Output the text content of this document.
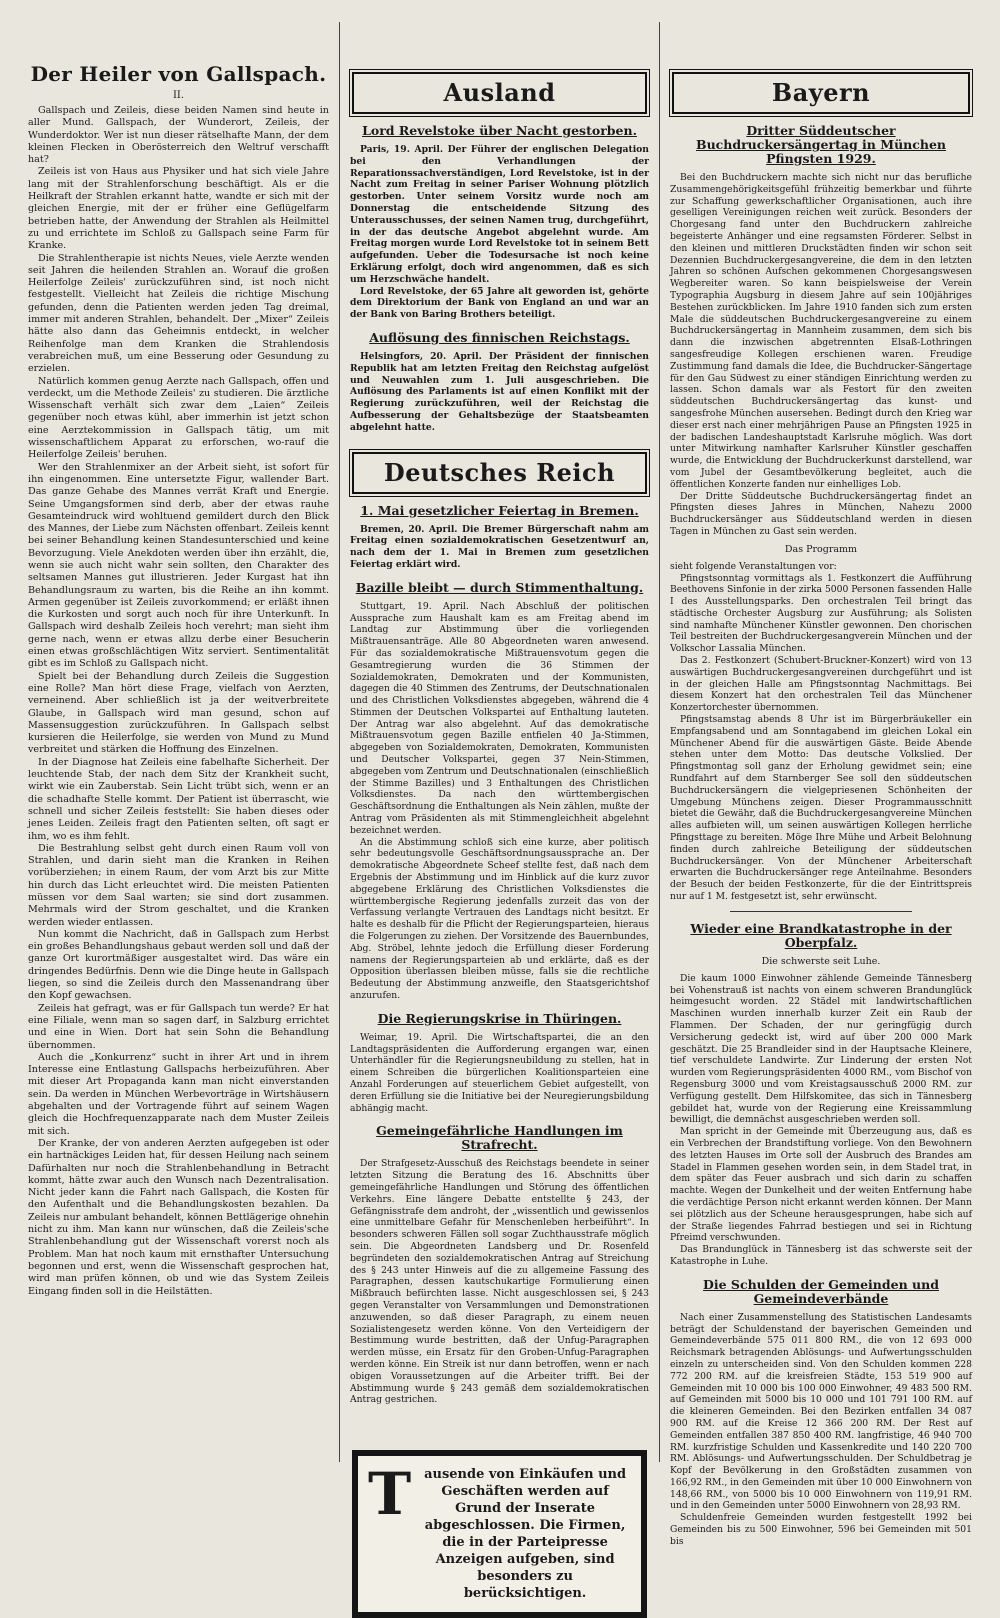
Der Heiler von Gallspach.
II.

Gallspach und Zeileis, diese beiden Namen sind heute in aller Mund. Gallspach, der Wunderort, Zeileis, der Wunderdoktor. Wer ist nun dieser rätselhafte Mann, der dem kleinen Flecken in Oberösterreich den Weltruf verschafft hat?

Zeileis ist von Haus aus Physiker und hat sich viele Jahre lang mit der Strahlenforschung beschäftigt. Als er die Heilkraft der Strahlen erkannt hatte, wandte er sich mit der gleichen Energie, mit der er früher eine Geflügelfarm betrieben hatte, der Anwendung der Strahlen als Heilmittel zu und errichtete im Schloß zu Gallspach seine Farm für Kranke.

Die Strahlentherapie ist nichts Neues, viele Aerzte wenden seit Jahren die heilenden Strahlen an. Worauf die großen Heilerfolge Zeileis' zurückzuführen sind, ist noch nicht festgestellt. Vielleicht hat Zeileis die richtige Mischung gefunden, denn die Patienten werden jeden Tag dreimal, immer mit anderen Strahlen, behandelt. Der „Mixer“ Zeileis hätte also dann das Geheimnis entdeckt, in welcher Reihenfolge man dem Kranken die Strahlendosis verabreichen muß, um eine Besserung oder Gesundung zu erzielen.

Natürlich kommen genug Aerzte nach Gallspach, offen und verdeckt, um die Methode Zeileis' zu studieren. Die ärztliche Wissenschaft verhält sich zwar dem „Laien“ Zeileis gegenüber noch etwas kühl, aber immerhin ist jetzt schon eine Aerztekommission in Gallspach tätig, um mit wissenschaftlichem Apparat zu erforschen, wo-rauf die Heilerfolge Zeileis' beruhen.

Wer den Strahlenmixer an der Arbeit sieht, ist sofort für ihn eingenommen. Eine untersetzte Figur, wallender Bart. Das ganze Gehabe des Mannes verrät Kraft und Energie. Seine Umgangsformen sind derb, aber der etwas rauhe Gesamteindruck wird wohltuend gemildert durch den Blick des Mannes, der Liebe zum Nächsten offenbart. Zeileis kennt bei seiner Behandlung keinen Standesunterschied und keine Bevorzugung. Viele Anekdoten werden über ihn erzählt, die, wenn sie auch nicht wahr sein sollten, den Charakter des seltsamen Mannes gut illustrieren. Jeder Kurgast hat ihn Behandlungsraum zu warten, bis die Reihe an ihn kommt. Armen gegenüber ist Zeileis zuvorkommend; er erläßt ihnen die Kurkosten und sorgt auch noch für ihre Unterkunft. In Gallspach wird deshalb Zeileis hoch verehrt; man sieht ihm gerne nach, wenn er etwas allzu derbe einer Besucherin einen etwas großschlächtigen Witz serviert. Sentimentalität gibt es im Schloß zu Gallspach nicht.

Spielt bei der Behandlung durch Zeileis die Suggestion eine Rolle? Man hört diese Frage, vielfach von Aerzten, verneinend. Aber schließlich ist ja der weitverbreitete Glaube, in Gallspach wird man gesund, schon auf Massensuggestion zurückzuführen. In Gallspach selbst kursieren die Heilerfolge, sie werden von Mund zu Mund verbreitet und stärken die Hoffnung des Einzelnen.

In der Diagnose hat Zeileis eine fabelhafte Sicherheit. Der leuchtende Stab, der nach dem Sitz der Krankheit sucht, wirkt wie ein Zauberstab. Sein Licht trübt sich, wenn er an die schadhafte Stelle kommt. Der Patient ist überrascht, wie schnell und sicher Zeileis feststellt: Sie haben dieses oder jenes Leiden. Zeileis fragt den Patienten selten, oft sagt er ihm, wo es ihm fehlt.

Die Bestrahlung selbst geht durch einen Raum voll von Strahlen, und darin sieht man die Kranken in Reihen vorüberziehen; in einem Raum, der vom Arzt bis zur Mitte hin durch das Licht erleuchtet wird. Die meisten Patienten müssen vor dem Saal warten; sie sind dort zusammen. Mehrmals wird der Strom geschaltet, und die Kranken werden wieder entlassen.

Nun kommt die Nachricht, daß in Gallspach zum Herbst ein großes Behandlungshaus gebaut werden soll und daß der ganze Ort kurortmäßiger ausgestaltet wird. Das wäre ein dringendes Bedürfnis. Denn wie die Dinge heute in Gallspach liegen, so sind die Zeileis durch den Massenandrang über den Kopf gewachsen.

Zeileis hat gefragt, was er für Gallspach tun werde? Er hat eine Filiale, wenn man so sagen darf, in Salzburg errichtet und eine in Wien. Dort hat sein Sohn die Behandlung übernommen.

Auch die „Konkurrenz“ sucht in ihrer Art und in ihrem Interesse eine Entlastung Gallspachs herbeizuführen. Aber mit dieser Art Propaganda kann man nicht einverstanden sein. Da werden in München Werbevorträge in Wirtshäusern abgehalten und der Vortragende führt auf seinem Wagen gleich die Hochfrequenzapparate nach dem Muster Zeileis mit sich.

Der Kranke, der von anderen Aerzten aufgegeben ist oder ein hartnäckiges Leiden hat, für dessen Heilung nach seinem Dafürhalten nur noch die Strahlenbehandlung in Betracht kommt, hätte zwar auch den Wunsch nach Dezentralisation. Nicht jeder kann die Fahrt nach Gallspach, die Kosten für den Aufenthalt und die Behandlungskosten bezahlen. Da Zeileis nur ambulant behandelt, können Bettlägerige ohnehin nicht zu ihm. Man kann nur wünschen, daß die Zeileis'sche Strahlenbehandlung gut der Wissenschaft vorerst noch als Problem. Man hat noch kaum mit ernsthafter Untersuchung begonnen und erst, wenn die Wissenschaft gesprochen hat, wird man prüfen können, ob und wie das System Zeileis Eingang finden soll in die Heilstätten.

Ausland
Lord Revelstoke über Nacht gestorben.

Paris, 19. April. Der Führer der englischen Delegation bei den Verhandlungen der Reparationssachverständigen, Lord Revelstoke, ist in der Nacht zum Freitag in seiner Pariser Wohnung plötzlich gestorben. Unter seinem Vorsitz wurde noch am Donnerstag die entscheidende Sitzung des Unterausschusses, der seinen Namen trug, durchgeführt, in der das deutsche Angebot abgelehnt wurde. Am Freitag morgen wurde Lord Revelstoke tot in seinem Bett aufgefunden. Ueber die Todesursache ist noch keine Erklärung erfolgt, doch wird angenommen, daß es sich um Herzschwäche handelt.

Lord Revelstoke, der 65 Jahre alt geworden ist, gehörte dem Direktorium der Bank von England an und war an der Bank von Baring Brothers beteiligt.

Auflösung des finnischen Reichstags.

Helsingfors, 20. April. Der Präsident der finnischen Republik hat am letzten Freitag den Reichstag aufgelöst und Neuwahlen zum 1. Juli ausgeschrieben. Die Auflösung des Parlaments ist auf einen Konflikt mit der Regierung zurückzuführen, weil der Reichstag die Aufbesserung der Gehaltsbezüge der Staatsbeamten abgelehnt hatte.

Deutsches Reich
1. Mai gesetzlicher Feiertag in Bremen.

Bremen, 20. April. Die Bremer Bürgerschaft nahm am Freitag einen sozialdemokratischen Gesetzentwurf an, nach dem der 1. Mai in Bremen zum gesetzlichen Feiertag erklärt wird.

Bazille bleibt — durch Stimmenthaltung.

Stuttgart, 19. April. Nach Abschluß der politischen Aussprache zum Haushalt kam es am Freitag abend im Landtag zur Abstimmung über die vorliegenden Mißtrauensanträge. Alle 80 Abgeordneten waren anwesend. Für das sozialdemokratische Mißtrauensvotum gegen die Gesamtregierung wurden die 36 Stimmen der Sozialdemokraten, Demokraten und der Kommunisten, dagegen die 40 Stimmen des Zentrums, der Deutschnationalen und des Christlichen Volksdienstes abgegeben, während die 4 Stimmen der Deutschen Volkspartei auf Enthaltung lauteten. Der Antrag war also abgelehnt. Auf das demokratische Mißtrauensvotum gegen Bazille entfielen 40 Ja-Stimmen, abgegeben von Sozialdemokraten, Demokraten, Kommunisten und Deutscher Volkspartei, gegen 37 Nein-Stimmen, abgegeben vom Zentrum und Deutschnationalen (einschließlich der Stimme Bazilles) und 3 Enthaltungen des Christlichen Volksdienstes. Da nach den württembergischen Geschäftsordnung die Enthaltungen als Nein zählen, mußte der Antrag vom Präsidenten als mit Stimmengleichheit abgelehnt bezeichnet werden.

An die Abstimmung schloß sich eine kurze, aber politisch sehr bedeutungsvolle Geschäftsordnungsaussprache an. Der demokratische Abgeordnete Scheef stellte fest, daß nach dem Ergebnis der Abstimmung und im Hinblick auf die kurz zuvor abgegebene Erklärung des Christlichen Volksdienstes die württembergische Regierung jedenfalls zurzeit das von der Verfassung verlangte Vertrauen des Landtags nicht besitzt. Er halte es deshalb für die Pflicht der Regierungsparteien, hieraus die Folgerungen zu ziehen. Der Vorsitzende des Bauernbundes, Abg. Ströbel, lehnte jedoch die Erfüllung dieser Forderung namens der Regierungsparteien ab und erklärte, daß es der Opposition überlassen bleiben müsse, falls sie die rechtliche Bedeutung der Abstimmung anzweifle, den Staatsgerichtshof anzurufen.

Die Regierungskrise in Thüringen.

Weimar, 19. April. Die Wirtschaftspartei, die an den Landtagspräsidenten die Aufforderung ergangen war, einen Unterhändler für die Regierungsneubildung zu stellen, hat in einem Schreiben die bürgerlichen Koalitionsparteien eine Anzahl Forderungen auf steuerlichem Gebiet aufgestellt, von deren Erfüllung sie die Initiative bei der Neuregierungsbildung abhängig macht.

Gemeingefährliche Handlungen im Strafrecht.

Der Strafgesetz-Ausschuß des Reichstags beendete in seiner letzten Sitzung die Beratung des 16. Abschnitts über gemeingefährliche Handlungen und Störung des öffentlichen Verkehrs. Eine längere Debatte entstellte § 243, der Gefängnisstrafe dem androht, der „wissentlich und gewissenlos eine unmittelbare Gefahr für Menschenleben herbeiführt“. In besonders schweren Fällen soll sogar Zuchthausstrafe möglich sein. Die Abgeordneten Landsberg und Dr. Rosenfeld begründeten den sozialdemokratischen Antrag auf Streichung des § 243 unter Hinweis auf die zu allgemeine Fassung des Paragraphen, dessen kautschukartige Formulierung einen Mißbrauch befürchten lasse. Nicht ausgeschlossen sei, § 243 gegen Veranstalter von Versammlungen und Demonstrationen anzuwenden, so daß dieser Paragraph, zu einem neuen Sozialistengesetz werden könne. Von den Verteidigern der Bestimmung wurde bestritten, daß der Unfug-Paragraphen werden müsse, ein Ersatz für den Groben-Unfug-Paragraphen werden könne. Ein Streik ist nur dann betroffen, wenn er nach obigen Voraussetzungen auf die Arbeiter trifft. Bei der Abstimmung wurde § 243 gemäß dem sozialdemokratischen Antrag gestrichen.

T ausende von Einkäufen und Geschäften werden auf Grund der Inserate abgeschlossen. Die Firmen, die in der Parteipresse Anzeigen aufgeben, sind besonders zu berücksichtigen.
Bayern
Dritter Süddeutscher Buchdruckersängertag in München Pfingsten 1929.

Bei den Buchdruckern machte sich nicht nur das berufliche Zusammengehörigkeitsgefühl frühzeitig bemerkbar und führte zur Schaffung gewerkschaftlicher Organisationen, auch ihre geselligen Vereinigungen reichen weit zurück. Besonders der Chorgesang fand unter den Buchdruckern zahlreiche begeisterte Anhänger und eine regsamsten Förderer. Selbst in den kleinen und mittleren Druckstädten finden wir schon seit Dezennien Buchdruckergesangvereine, die dem in den letzten Jahren so schönen Aufschen gekommenen Chorgesangswesen Wegbereiter waren. So kann beispielsweise der Verein Typographia Augsburg in diesem Jahre auf sein 100jähriges Bestehen zurückblicken. Im Jahre 1910 fanden sich zum ersten Male die süddeutschen Buchdruckergesangvereine zu einem Buchdruckersängertag in Mannheim zusammen, dem sich bis dann die inzwischen abgetrennten Elsaß-Lothringen sangesfreudige Kollegen erschienen waren. Freudige Zustimmung fand damals die Idee, die Buchdrucker-Sängertage für den Gau Südwest zu einer ständigen Einrichtung werden zu lassen. Schon damals war als Festort für den zweiten süddeutschen Buchdruckersängertag das kunst- und sangesfrohe München ausersehen. Bedingt durch den Krieg war dieser erst nach einer mehrjährigen Pause an Pfingsten 1925 in der badischen Landeshauptstadt Karlsruhe möglich. Was dort unter Mitwirkung namhafter Karlsruher Künstler geschaffen wurde, die Entwicklung der Buchdruckerkunst darstellend, war vom Jubel der Gesamtbevölkerung begleitet, auch die öffentlichen Konzerte fanden nur einhelliges Lob.

Der Dritte Süddeutsche Buchdruckersängertag findet an Pfingsten dieses Jahres in München, Nahezu 2000 Buchdruckersänger aus Süddeutschland werden in diesen Tagen in München zu Gast sein werden.

Das Programm

sieht folgende Veranstaltungen vor:

Pfingstsonntag vormittags als 1. Festkonzert die Aufführung Beethovens Sinfonie in der zirka 5000 Personen fassenden Halle I des Ausstellungsparks. Den orchestralen Teil bringt das städtische Orchester Augsburg zur Ausführung; als Solisten sind namhafte Münchener Künstler gewonnen. Den chorischen Teil bestreiten der Buchdruckergesangverein München und der Volkschor Lassalia München.

Das 2. Festkonzert (Schubert-Bruckner-Konzert) wird von 13 auswärtigen Buchdruckergesangvereinen durchgeführt und ist in der gleichen Halle am Pfingstsonntag Nachmittags. Bei diesem Konzert hat den orchestralen Teil das Münchener Konzertorchester übernommen.

Pfingstsamstag abends 8 Uhr ist im Bürgerbräukeller ein Empfangsabend und am Sonntagabend im gleichen Lokal ein Münchener Abend für die auswärtigen Gäste. Beide Abende stehen unter dem Motto: Das deutsche Volkslied. Der Pfingstmontag soll ganz der Erholung gewidmet sein; eine Rundfahrt auf dem Starnberger See soll den süddeutschen Buchdruckersängern die vielgepriesenen Schönheiten der Umgebung Münchens zeigen. Dieser Programmausschnitt bietet die Gewähr, daß die Buchdruckergesangvereine München alles aufbieten will, um seinen auswärtigen Kollegen herrliche Pfingsttage zu bereiten. Möge Ihre Mühe und Arbeit Belohnung finden durch zahlreiche Beteiligung der süddeutschen Buchdruckersänger. Von der Münchener Arbeiterschaft erwarten die Buchdruckersänger rege Anteilnahme. Besonders der Besuch der beiden Festkonzerte, für die der Eintrittspreis nur auf 1 M. festgesetzt ist, sehr erwünscht.

Wieder eine Brandkatastrophe in der Oberpfalz.
Die schwerste seit Luhe.

Die kaum 1000 Einwohner zählende Gemeinde Tännesberg bei Vohenstrauß ist nachts von einem schweren Brandunglück heimgesucht worden. 22 Städel mit landwirtschaftlichen Maschinen wurden innerhalb kurzer Zeit ein Raub der Flammen. Der Schaden, der nur geringfügig durch Versicherung gedeckt ist, wird auf über 200 000 Mark geschätzt. Die 25 Brandleider sind in der Hauptsache Kleinere, tief verschuldete Landwirte. Zur Linderung der ersten Not wurden vom Regierungspräsidenten 4000 RM., vom Bischof von Regensburg 3000 und vom Kreistagsausschuß 2000 RM. zur Verfügung gestellt. Dem Hilfskomitee, das sich in Tännesberg gebildet hat, wurde von der Regierung eine Kreissammlung bewilligt, die demnächst ausgeschrieben werden soll.

Man spricht in der Gemeinde mit Überzeugung aus, daß es ein Verbrechen der Brandstiftung vorliege. Von den Bewohnern des letzten Hauses im Orte soll der Ausbruch des Brandes am Stadel in Flammen gesehen worden sein, in dem Stadel trat, in dem später das Feuer ausbrach und sich darin zu schaffen machte. Wegen der Dunkelheit und der weiten Entfernung habe die verdächtige Person nicht erkannt werden können. Der Mann sei plötzlich aus der Scheune herausgesprungen, habe sich auf der Straße liegendes Fahrrad bestiegen und sei in Richtung Pfreimd verschwunden.

Das Brandunglück in Tännesberg ist das schwerste seit der Katastrophe in Luhe.

Die Schulden der Gemeinden und Gemeindeverbände

Nach einer Zusammenstellung des Statistischen Landesamts beträgt der Schuldenstand der bayerischen Gemeinden und Gemeindeverbände 575 011 800 RM., die von 12 693 000 Reichsmark betragenden Ablösungs- und Aufwertungsschulden einzeln zu unterscheiden sind. Von den Schulden kommen 228 772 200 RM. auf die kreisfreien Städte, 153 519 900 auf Gemeinden mit 10 000 bis 100 000 Einwohner, 49 483 500 RM. auf Gemeinden mit 5000 bis 10 000 und 101 791 100 RM. auf die kleineren Gemeinden. Bei den Bezirken entfallen 34 087 900 RM. auf die Kreise 12 366 200 RM. Der Rest auf Gemeinden entfallen 387 850 400 RM. langfristige, 46 940 700 RM. kurzfristige Schulden und Kassenkredite und 140 220 700 RM. Ablösungs- und Aufwertungsschulden. Der Schuldbetrag je Kopf der Bevölkerung in den Großstädten zusammen von 166,92 RM., in den Gemeinden mit über 10 000 Einwohnern von 148,66 RM., von 5000 bis 10 000 Einwohnern von 119,91 RM. und in den Gemeinden unter 5000 Einwohnern von 28,93 RM.

Schuldenfreie Gemeinden wurden festgestellt 1992 bei Gemeinden bis zu 500 Einwohner, 596 bei Gemeinden mit 501 bis
